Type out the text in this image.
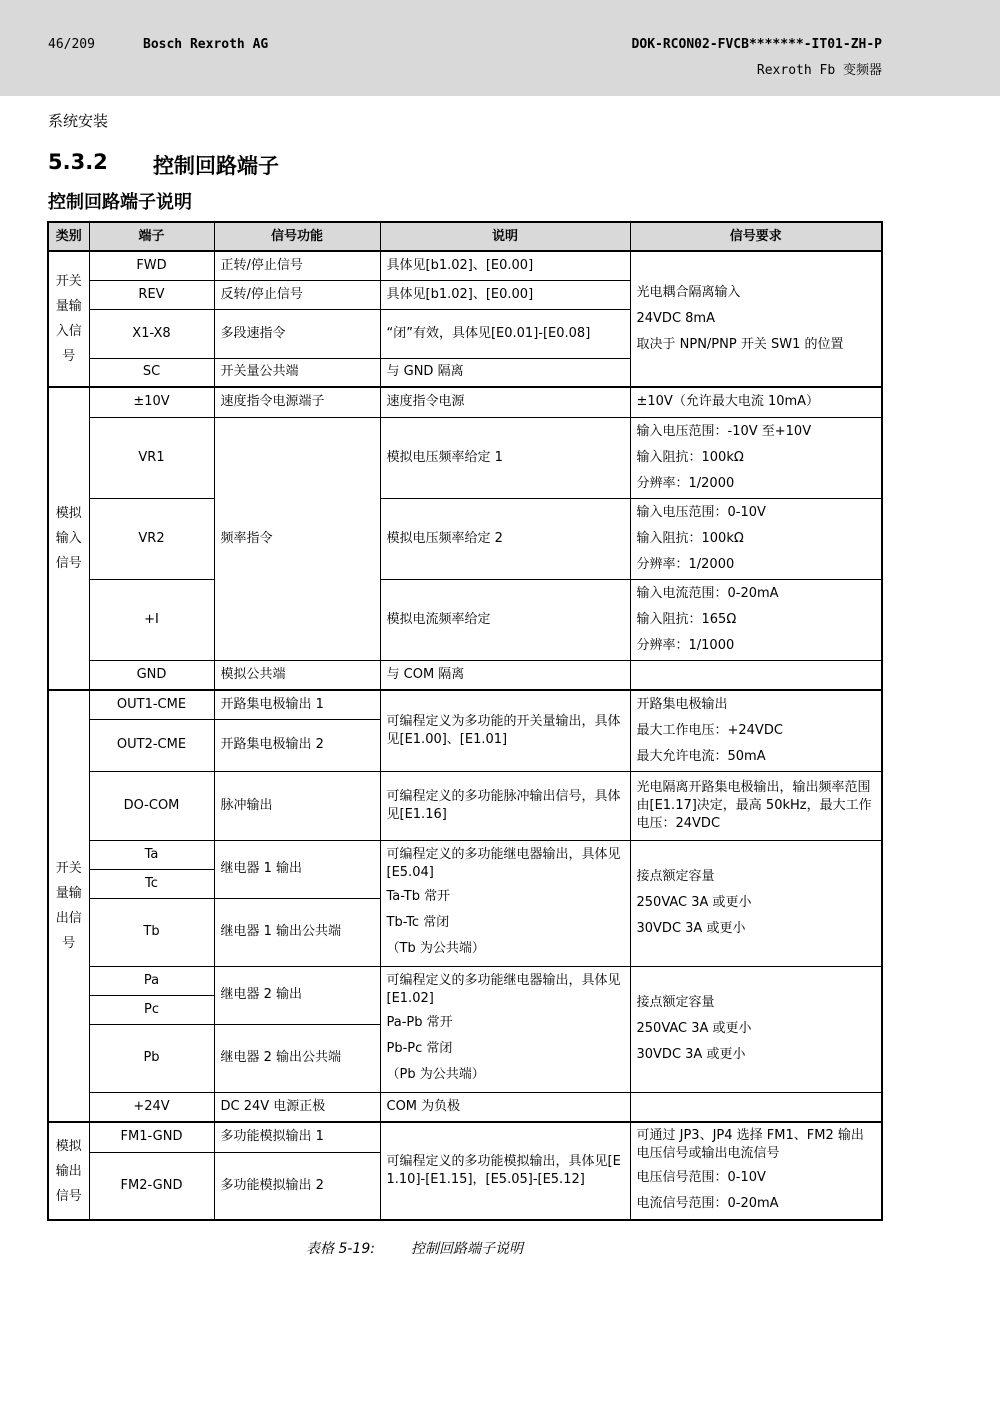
46/209	Bosch Rexroth AG	DOK-RCON02-FVCB*******-IT01-ZH-P
Rexroth Fb 变频器
系统安装
5.3.2 控制回路端子
控制回路端子说明
类别	端子	信号功能	说明	信号要求

开关
量输
入信
号	FWD	正转/停止信号	具体见[b1.02]、[E0.00]	光电耦合隔离输入
24VDC 8mA
取决于 NPN/PNP 开关 SW1 的位置

	REV	反转/停止信号	具体见[b1.02]、[E0.00]	
	X1-X8	多段速指令	“闭”有效，具体见[E0.01]-[E0.08]	

	SC	开关量公共端	与 GND 隔离	

模拟
输入
信号	±10V	速度指令电源端子	速度指令电源	±10V（允许最大电流 10mA）
	VR1	频率指令	模拟电压频率给定 1	输入电压范围：-10V 至+10V
输入阻抗：100kΩ
分辨率：1/2000

	VR2		模拟电压频率给定 2	输入电压范围：0-10V
输入阻抗：100kΩ
分辨率：1/2000

	+I		模拟电流频率给定	输入电流范围：0-20mA
输入阻抗：165Ω
分辨率：1/1000

	GND	模拟公共端	与 COM 隔离	

开关
量输
出信
号	OUT1-CME	开路集电极输出 1	可编程定义为多功能的开关量输出，具体见[E1.00]、[E1.01]	开路集电极输出
最大工作电压：+24VDC
最大允许电流：50mA

	OUT2-CME	开路集电极输出 2		
	DO-COM	脉冲输出	可编程定义的多功能脉冲输出信号，具体见[E1.16]	光电隔离开路集电极输出，输出频率范围由[E1.17]决定，最高 50kHz，最大工作电压：24VDC

	Ta	继电器 1 输出	可编程定义的多功能继电器输出，具体见[E5.04]
Ta-Tb 常开
Tb-Tc 常闭
（Tb 为公共端）	接点额定容量
250VAC 3A 或更小
30VDC 3A 或更小

	Tc			
	Tb	继电器 1 输出公共端		
	Pa	继电器 2 输出	可编程定义的多功能继电器输出，具体见[E1.02]
Pa-Pb 常开
Pb-Pc 常闭
（Pb 为公共端）	接点额定容量
250VAC 3A 或更小
30VDC 3A 或更小

	Pc			
	Pb	继电器 2 输出公共端		
	+24V	DC 24V 电源正极	COM 为负极	

模拟
输出
信号	FM1-GND	多功能模拟输出 1	可编程定义的多功能模拟输出，具体见[E1.10]-[E1.15]，[E5.05]-[E5.12]	可通过 JP3、JP4 选择 FM1、FM2 输出电压信号或输出电流信号
电压信号范围：0-10V
电流信号范围：0-20mA

	FM2-GND	多功能模拟输出 2		
表格 5-19:	控制回路端子说明
